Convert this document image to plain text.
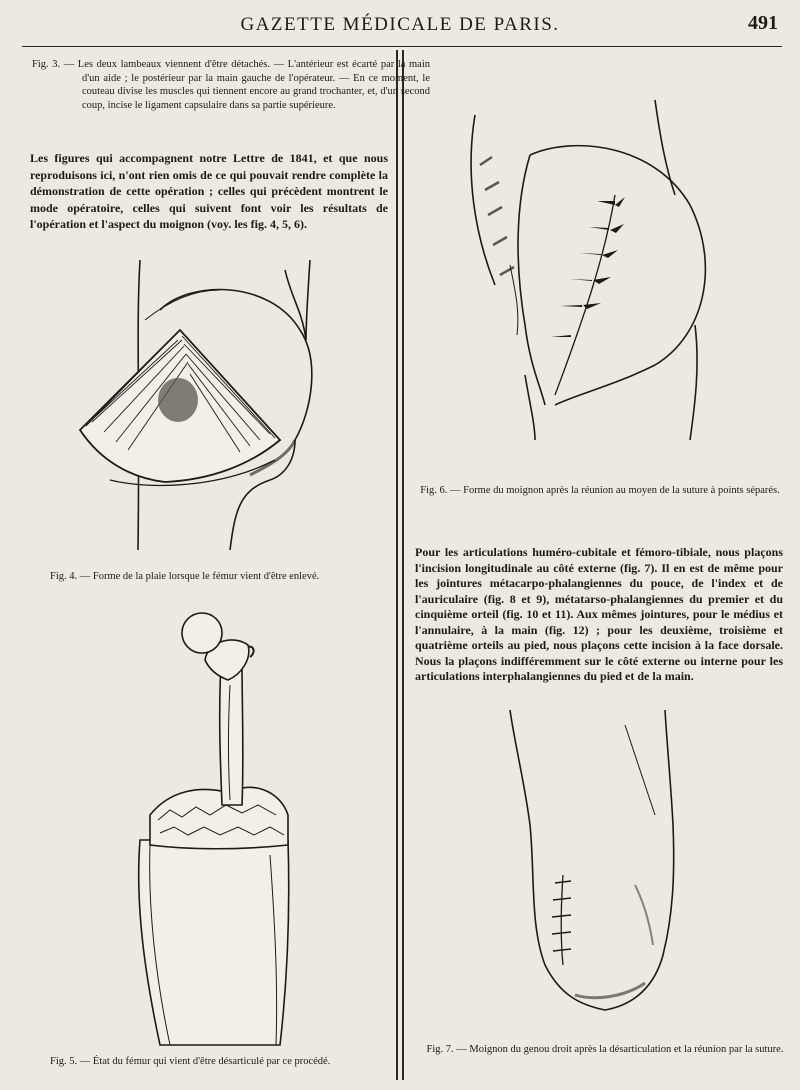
GAZETTE MÉDICALE DE PARIS.	491
Fig. 3. — Les deux lambeaux viennent d'être détachés. — L'antérieur est écarté par la main d'un aide ; le postérieur par la main gauche de l'opérateur. — En ce moment, le couteau divise les muscles qui tiennent encore au grand trochanter, et, d'un second coup, incise le ligament capsulaire dans sa partie supérieure.
Les figures qui accompagnent notre Lettre de 1841, et que nous reproduisons ici, n'ont rien omis de ce qui pouvait rendre complète la démonstration de cette opération ; celles qui précèdent montrent le mode opératoire, celles qui suivent font voir les résultats de l'opération et l'aspect du moignon (voy. les fig. 4, 5, 6).
Fig. 4. — Forme de la plaie lorsque le fémur vient d'être enlevé.
Fig. 5. — État du fémur qui vient d'être désarticulé par ce procédé.
Fig. 6. — Forme du moignon après la réunion au moyen de la suture à points séparés.
Pour les articulations huméro-cubitale et fémoro-tibiale, nous plaçons l'incision longitudinale au côté externe (fig. 7). Il en est de même pour les jointures métacarpo-phalangiennes du pouce, de l'index et de l'auriculaire (fig. 8 et 9), métatarso-phalangiennes du premier et du cinquième orteil (fig. 10 et 11). Aux mêmes jointures, pour le médius et l'annulaire, à la main (fig. 12) ; pour les deuxième, troisième et quatrième orteils au pied, nous plaçons cette incision à la face dorsale. Nous la plaçons indifféremment sur le côté externe ou interne pour les articulations interphalangiennes du pied et de la main.
Fig. 7. — Moignon du genou droit après la désarticulation et la réunion par la suture.
